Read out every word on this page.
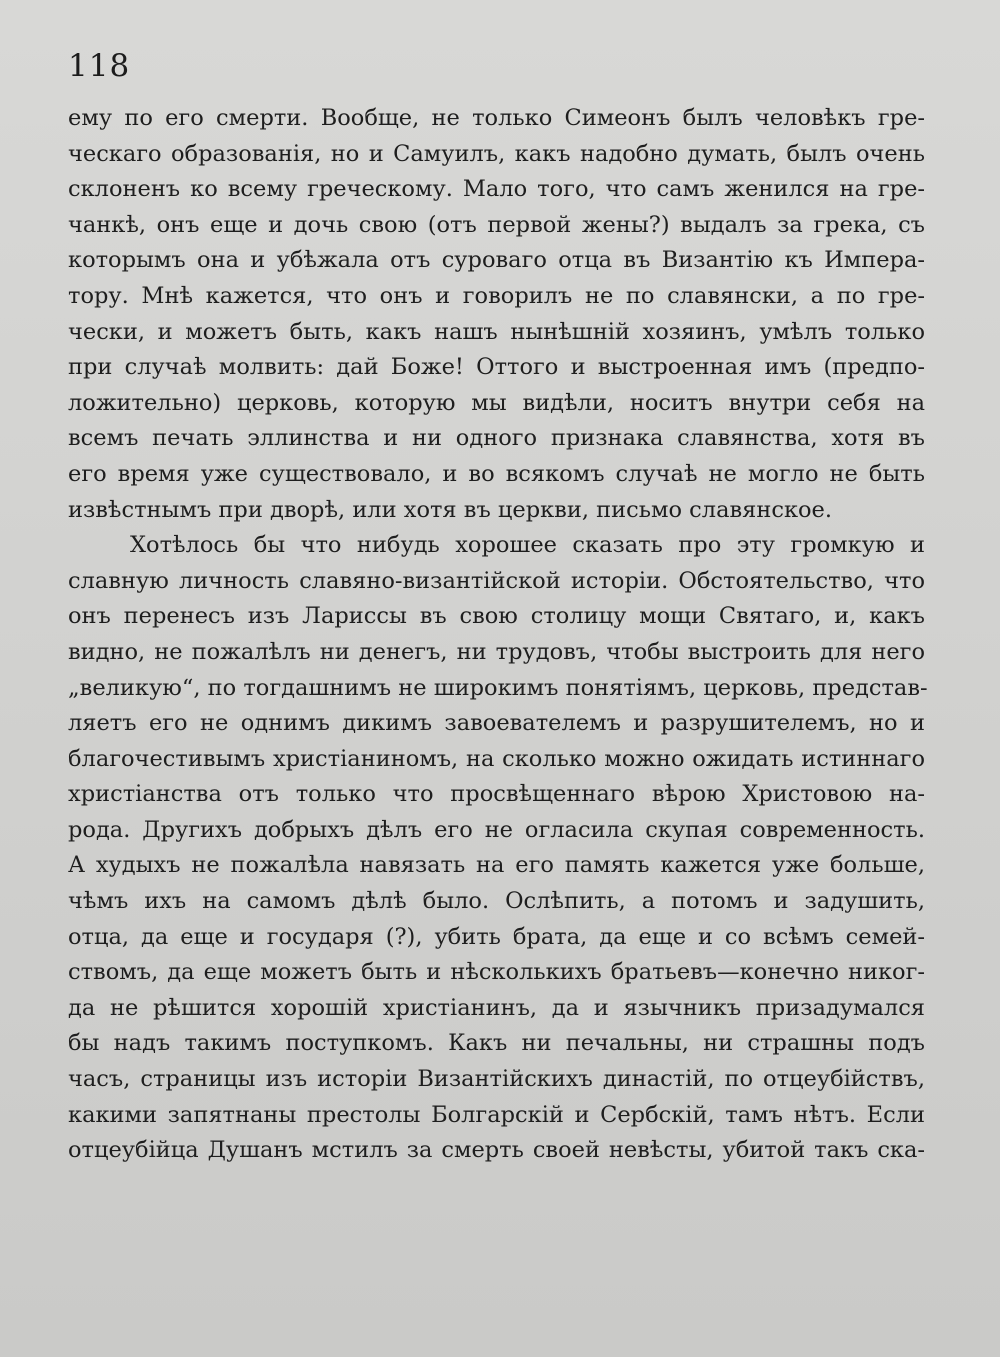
118
ему по его смерти. Вообще, не только Симеонъ былъ человѣкъ гре-
ческаго образованія, но и Самуилъ, какъ надобно думать, былъ очень
склоненъ ко всему греческому. Мало того, что самъ женился на гре-
чанкѣ, онъ еще и дочь свою (отъ первой жены?) выдалъ за грека, съ
которымъ она и убѣжала отъ суроваго отца въ Византію къ Импера-
тору. Мнѣ кажется, что онъ и говорилъ не по славянски, а по гре-
чески, и можетъ быть, какъ нашъ нынѣшній хозяинъ, умѣлъ только
при случаѣ молвить: дай Боже! Оттого и выстроенная имъ (предпо-
ложительно) церковь, которую мы видѣли, носитъ внутри себя на
всемъ печать эллинства и ни одного признака славянства, хотя въ
его время уже существовало, и во всякомъ случаѣ не могло не быть
извѣстнымъ при дворѣ, или хотя въ церкви, письмо славянское.
Хотѣлось бы что нибудь хорошее сказать про эту громкую и
славную личность славяно-византійской исторіи. Обстоятельство, что
онъ перенесъ изъ Лариссы въ свою столицу мощи Святаго, и, какъ
видно, не пожалѣлъ ни денегъ, ни трудовъ, чтобы выстроить для него
„великую“, по тогдашнимъ не широкимъ понятіямъ, церковь, представ-
ляетъ его не однимъ дикимъ завоевателемъ и разрушителемъ, но и
благочестивымъ христіаниномъ, на сколько можно ожидать истиннаго
христіанства отъ только что просвѣщеннаго вѣрою Христовою на-
рода. Другихъ добрыхъ дѣлъ его не огласила скупая современность.
А худыхъ не пожалѣла навязать на его память кажется уже больше,
чѣмъ ихъ на самомъ дѣлѣ было. Ослѣпить, а потомъ и задушить,
отца, да еще и государя (?), убить брата, да еще и со всѣмъ семей-
ствомъ, да еще можетъ быть и нѣсколькихъ братьевъ—конечно никог-
да не рѣшится хорошій христіанинъ, да и язычникъ призадумался
бы надъ такимъ поступкомъ. Какъ ни печальны, ни страшны подъ
часъ, страницы изъ исторіи Византійскихъ династій, по отцеубійствъ,
какими запятнаны престолы Болгарскій и Сербскій, тамъ нѣтъ. Если
отцеубійца Душанъ мстилъ за смерть своей невѣсты, убитой такъ ска-
